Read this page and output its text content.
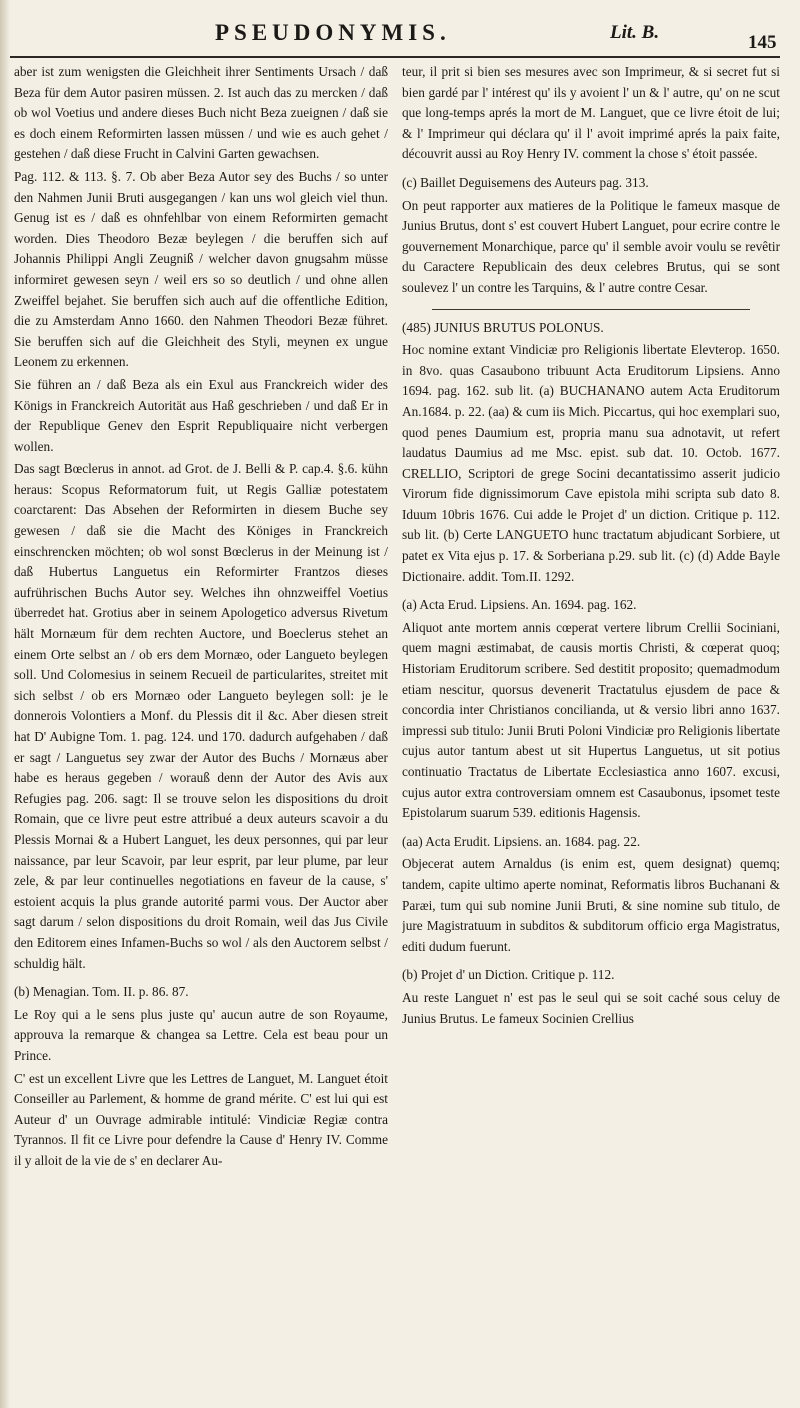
PSEUDONYMIS.	Lit. B.	145

aber ist zum wenigsten die Gleichheit ihrer Sentiments Ursach / daß Beza für dem Autor pasiren müssen. 2. Ist auch das zu mercken / daß ob wol Voetius und andere dieses Buch nicht Beza zueignen / daß sie es doch einem Reformirten lassen müssen / und wie es auch gehet / gestehen / daß diese Frucht in Calvini Garten gewachsen.

Pag. 112. & 113. §. 7. Ob aber Beza Autor sey des Buchs / so unter den Nahmen Junii Bruti ausgegangen / kan uns wol gleich viel thun. Genug ist es / daß es ohnfehlbar von einem Reformirten gemacht worden. Dies Theodoro Bezæ beylegen / die beruffen sich auf Johannis Philippi Angli Zeugniß / welcher davon gnugsahm müsse informiret gewesen seyn / weil ers so so deutlich / und ohne allen Zweiffel bejahet. Sie beruffen sich auch auf die offentliche Edition, die zu Amsterdam Anno 1660. den Nahmen Theodori Bezæ führet. Sie beruffen sich auf die Gleichheit des Styli, meynen ex ungue Leonem zu erkennen.

Sie führen an / daß Beza als ein Exul aus Franckreich wider des Königs in Franckreich Autorität aus Haß geschrieben / und daß Er in der Republique Genev den Esprit Republiquaire nicht verbergen wollen.

Das sagt Bœclerus in annot. ad Grot. de J. Belli & P. cap.4. §.6. kühn heraus: Scopus Reformatorum fuit, ut Regis Galliæ potestatem coarctarent: Das Absehen der Reformirten in diesem Buche sey gewesen / daß sie die Macht des Königes in Franckreich einschrencken möchten; ob wol sonst Bœclerus in der Meinung ist / daß Hubertus Languetus ein Reformirter Frantzos dieses aufrührischen Buchs Autor sey. Welches ihn ohnzweiffel Voetius überredet hat. Grotius aber in seinem Apologetico adversus Rivetum hält Mornæum für dem rechten Auctore, und Boeclerus stehet an einem Orte selbst an / ob ers dem Mornæo, oder Langueto beylegen soll. Und Colomesius in seinem Recueil de particularites, streitet mit sich selbst / ob ers Mornæo oder Langueto beylegen soll: je le donnerois Volontiers a Monf. du Plessis dit il &c. Aber diesen streit hat D' Aubigne Tom. 1. pag. 124. und 170. dadurch aufgehaben / daß er sagt / Languetus sey zwar der Autor des Buchs / Mornæus aber habe es heraus gegeben / worauß denn der Autor des Avis aux Refugies pag. 206. sagt: Il se trouve selon les dispositions du droit Romain, que ce livre peut estre attribué a deux auteurs scavoir a du Plessis Mornai & a Hubert Languet, les deux personnes, qui par leur naissance, par leur Scavoir, par leur esprit, par leur plume, par leur zele, & par leur continuelles negotiations en faveur de la cause, s' estoient acquis la plus grande autorité parmi vous. Der Auctor aber sagt darum / selon dispositions du droit Romain, weil das Jus Civile den Editorem eines Infamen-Buchs so wol / als den Auctorem selbst / schuldig hält.

(b) Menagian. Tom. II. p. 86. 87.

Le Roy qui a le sens plus juste qu' aucun autre de son Royaume, approuva la remarque & changea sa Lettre. Cela est beau pour un Prince.

C' est un excellent Livre que les Lettres de Languet, M. Languet étoit Conseiller au Parlement, & homme de grand mérite. C' est lui qui est Auteur d' un Ouvrage admirable intitulé: Vindiciæ Regiæ contra Tyrannos. Il fit ce Livre pour defendre la Cause d' Henry IV. Comme il y alloit de la vie de s' en declarer Au-

teur, il prit si bien ses mesures avec son Imprimeur, & si secret fut si bien gardé par l' intérest qu' ils y avoient l' un & l' autre, qu' on ne scut que long-temps aprés la mort de M. Languet, que ce livre étoit de lui; & l' Imprimeur qui déclara qu' il l' avoit imprimé aprés la paix faite, découvrit aussi au Roy Henry IV. comment la chose s' étoit passée.

(c) Baillet Deguisemens des Auteurs pag. 313.

On peut rapporter aux matieres de la Politique le fameux masque de Junius Brutus, dont s' est couvert Hubert Languet, pour ecrire contre le gouvernement Monarchique, parce qu' il semble avoir voulu se revêtir du Caractere Republicain des deux celebres Brutus, qui se sont soulevez l' un contre les Tarquins, & l' autre contre Cesar.

(485) JUNIUS BRUTUS POLONUS.

Hoc nomine extant Vindiciæ pro Religionis libertate Elevterop. 1650. in 8vo. quas Casaubono tribuunt Acta Eruditorum Lipsiens. Anno 1694. pag. 162. sub lit. (a) BUCHANANO autem Acta Eruditorum An.1684. p. 22. (aa) & cum iis Mich. Piccartus, qui hoc exemplari suo, quod penes Daumium est, propria manu sua adnotavit, ut refert laudatus Daumius ad me Msc. epist. sub dat. 10. Octob. 1677. CRELLIO, Scriptori de grege Socini decantatissimo asserit judicio Virorum fide dignissimorum Cave epistola mihi scripta sub dato 8. Iduum 10bris 1676. Cui adde le Projet d' un diction. Critique p. 112. sub lit. (b) Certe LANGUETO hunc tractatum abjudicant Sorbiere, ut patet ex Vita ejus p. 17. & Sorberiana p.29. sub lit. (c) (d) Adde Bayle Dictionaire. addit. Tom.II. 1292.

(a) Acta Erud. Lipsiens. An. 1694. pag. 162.

Aliquot ante mortem annis cœperat vertere librum Crellii Sociniani, quem magni æstimabat, de causis mortis Christi, & cœperat quoq; Historiam Eruditorum scribere. Sed destitit proposito; quemadmodum etiam nescitur, quorsus devenerit Tractatulus ejusdem de pace & concordia inter Christianos concilianda, ut & versio libri anno 1637. impressi sub titulo: Junii Bruti Poloni Vindiciæ pro Religionis libertate cujus autor tantum abest ut sit Hupertus Languetus, ut sit potius continuatio Tractatus de Libertate Ecclesiastica anno 1607. excusi, cujus autor extra controversiam omnem est Casaubonus, ipsomet teste Epistolarum suarum 539. editionis Hagensis.

(aa) Acta Erudit. Lipsiens. an. 1684. pag. 22.

Objecerat autem Arnaldus (is enim est, quem designat) quemq; tandem, capite ultimo aperte nominat, Reformatis libros Buchanani & Paræi, tum qui sub nomine Junii Bruti, & sine nomine sub titulo, de jure Magistratuum in subditos & subditorum officio erga Magistratus, editi dudum fuerunt.

(b) Projet d' un Diction. Critique p. 112.

Au reste Languet n' est pas le seul qui se soit caché sous celuy de Junius Brutus. Le fameux Socinien Crellius
